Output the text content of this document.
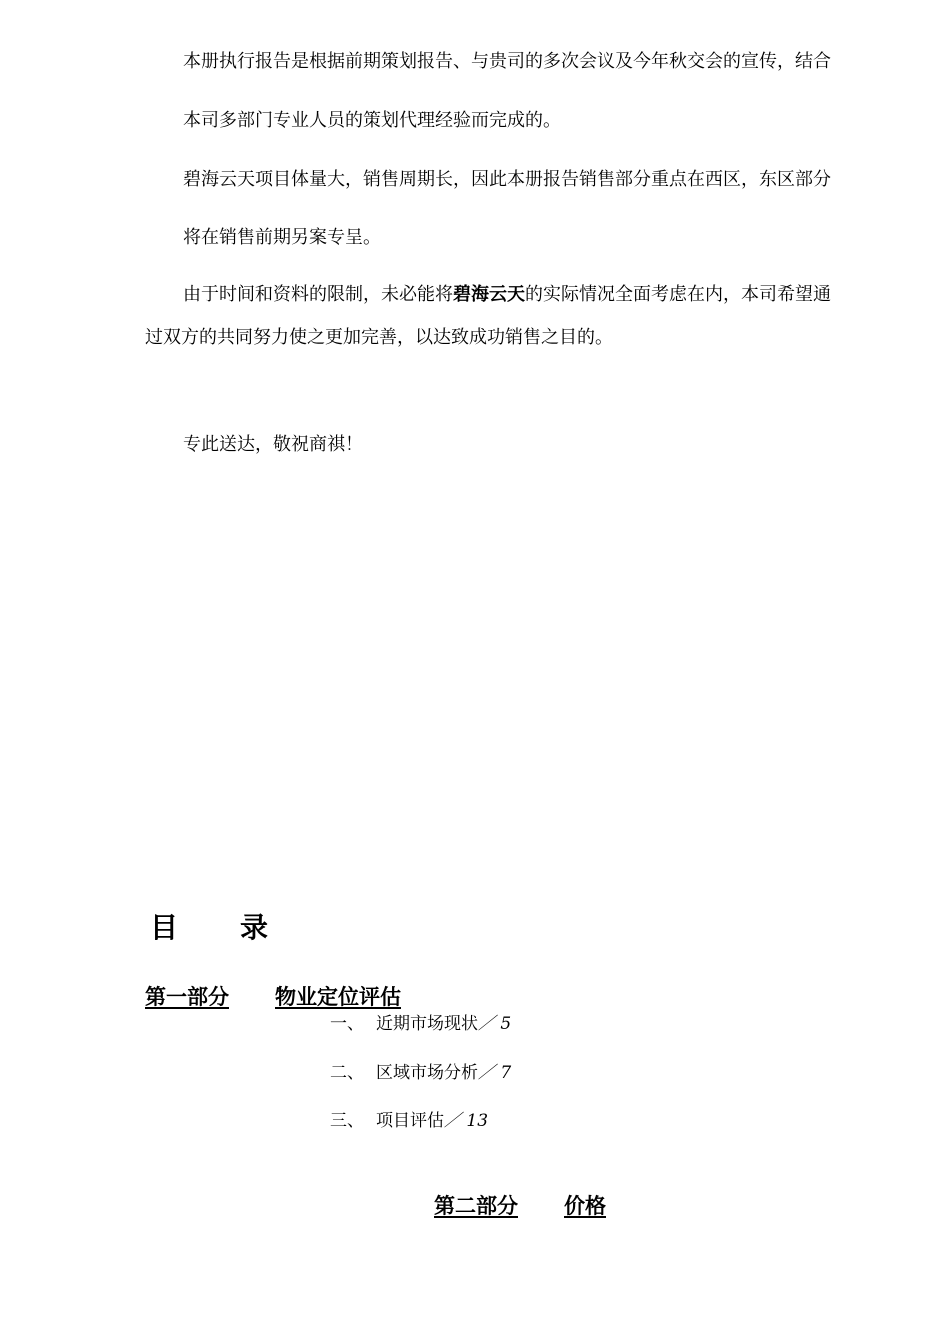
本册执行报告是根据前期策划报告、与贵司的多次会议及今年秋交会的宣传，结合

本司多部门专业人员的策划代理经验而完成的。

碧海云天项目体量大，销售周期长，因此本册报告销售部分重点在西区，东区部分

将在销售前期另案专呈。

由于时间和资料的限制，未必能将碧海云天的实际情况全面考虑在内，本司希望通

过双方的共同努力使之更加完善，以达致成功销售之目的。

专此送达，敬祝商祺！

目 录
第一部分 物业定位评估
一、 近期市场现状／ 5
二、 区域市场分析／ 7
三、 项目评估／ 13
第二部分 价格
